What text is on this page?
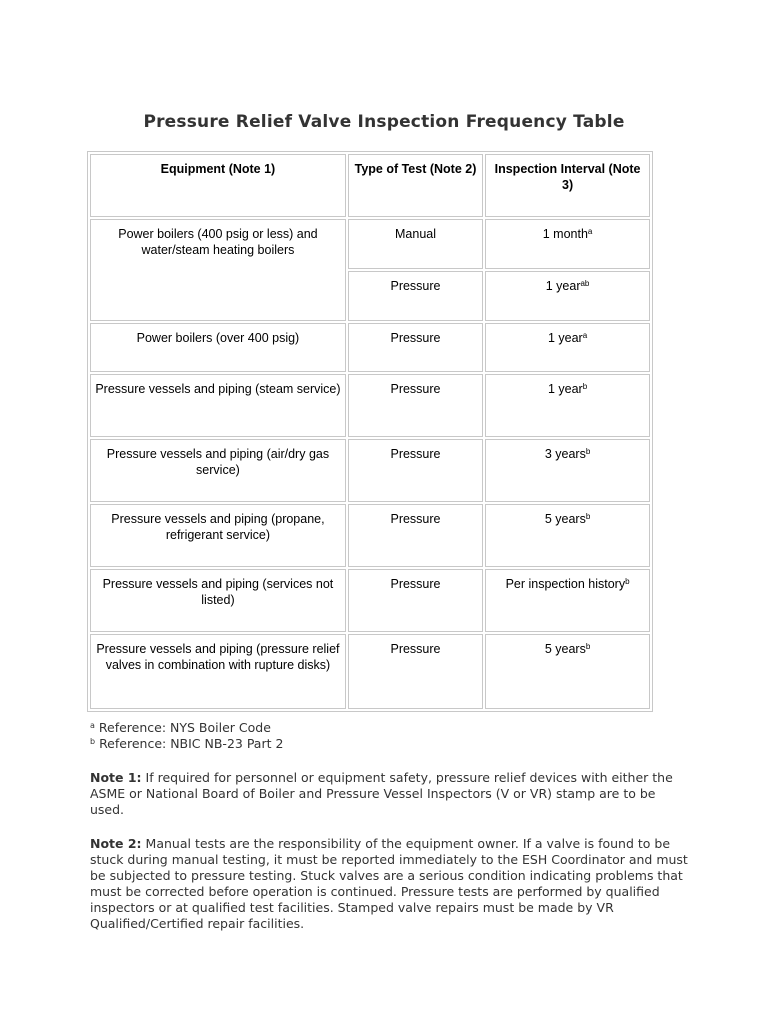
Pressure Relief Valve Inspection Frequency Table
Equipment (Note 1)	Type of Test (Note 2)	Inspection Interval (Note 3)
Power boilers (400 psig or less) and water/steam heating boilers	Manual	1 month$^a$
	Pressure	1 year$^{ab}$
Power boilers (over 400 psig)	Pressure	1 year$^a$
Pressure vessels and piping (steam service)	Pressure	1 year$^b$
Pressure vessels and piping (air/dry gas service)	Pressure	3 years$^b$
Pressure vessels and piping (propane, refrigerant service)	Pressure	5 years$^b$
Pressure vessels and piping (services not listed)	Pressure	Per inspection history$^b$
Pressure vessels and piping (pressure relief valves in combination with rupture disks)	Pressure	5 years$^b$
$^a$ Reference: NYS Boiler Code
$^b$ Reference: NBIC NB-23 Part 2
Note 1: If required for personnel or equipment safety, pressure relief devices with either the ASME or National Board of Boiler and Pressure Vessel Inspectors (V or VR) stamp are to be used.
Note 2: Manual tests are the responsibility of the equipment owner. If a valve is found to be stuck during manual testing, it must be reported immediately to the ESH Coordinator and must be subjected to pressure testing. Stuck valves are a serious condition indicating problems that must be corrected before operation is continued. Pressure tests are performed by qualified inspectors or at qualified test facilities. Stamped valve repairs must be made by VR Qualified/Certified repair facilities.
